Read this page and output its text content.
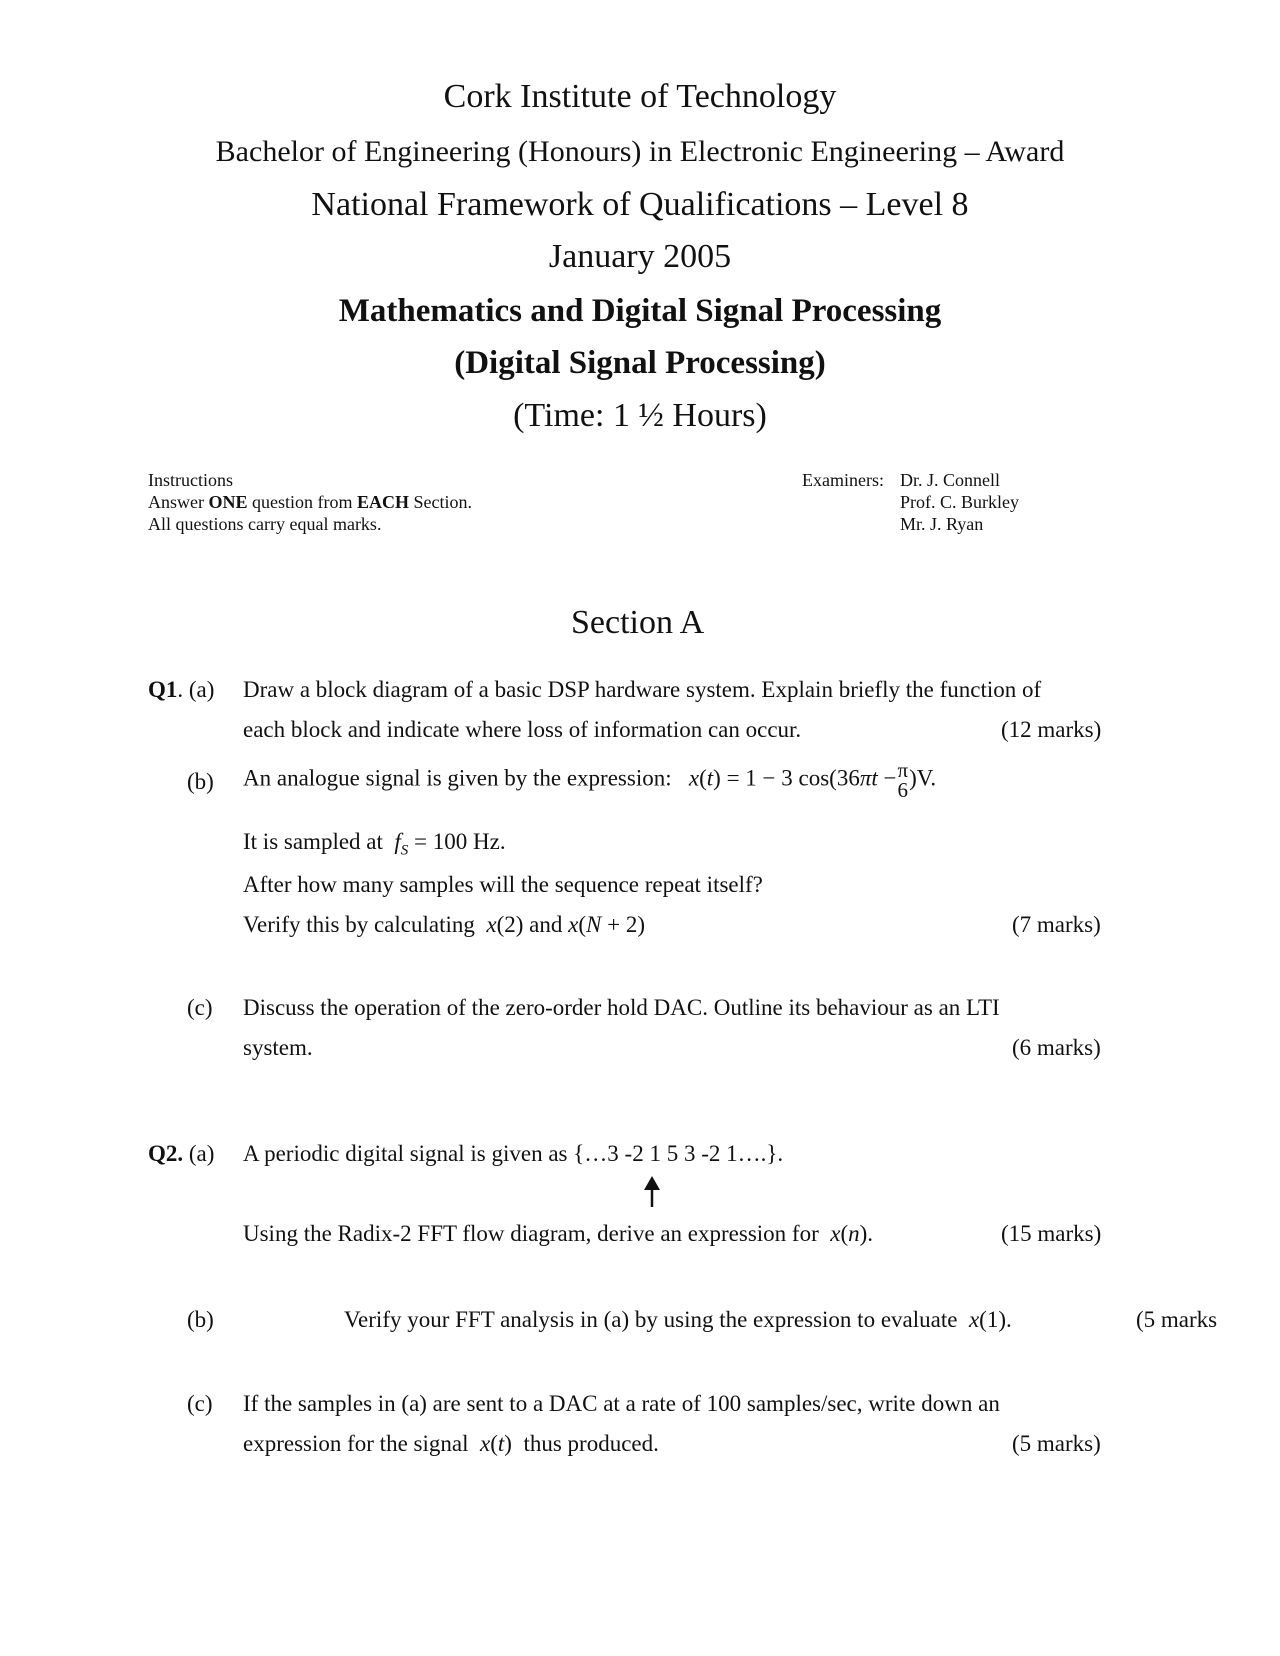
Cork Institute of Technology
Bachelor of Engineering (Honours) in Electronic Engineering – Award
National Framework of Qualifications – Level 8
January 2005
Mathematics and Digital Signal Processing
(Digital Signal Processing)
(Time: 1 ½ Hours)
Instructions
Answer ONE question from EACH Section.
All questions carry equal marks.
Examiners: Dr. J. Connell
Prof. C. Burkley
Mr. J. Ryan
Section A
Q1. (a) Draw a block diagram of a basic DSP hardware system. Explain briefly the function of
each block and indicate where loss of information can occur.	(12 marks)
(b) An analogue signal is given by the expression: x(t) = 1 − 3 cos(36πt − π
6 )V.
It is sampled at $f_S = 100$ Hz.
After how many samples will the sequence repeat itself?
Verify this by calculating x(2) and x(N + 2)	(7 marks)
(c) Discuss the operation of the zero-order hold DAC. Outline its behaviour as an LTI
system.	(6 marks)
Q2. (a) A periodic digital signal is given as {…3 -2 1 5 3 -2 1….}.
Using the Radix-2 FFT flow diagram, derive an expression for x(n).	(15 marks)
(b)	Verify your FFT analysis in (a) by using the expression to evaluate x(1).	(5 marks
(c) If the samples in (a) are sent to a DAC at a rate of 100 samples/sec, write down an
expression for the signal x(t)  thus produced.	(5 marks)
